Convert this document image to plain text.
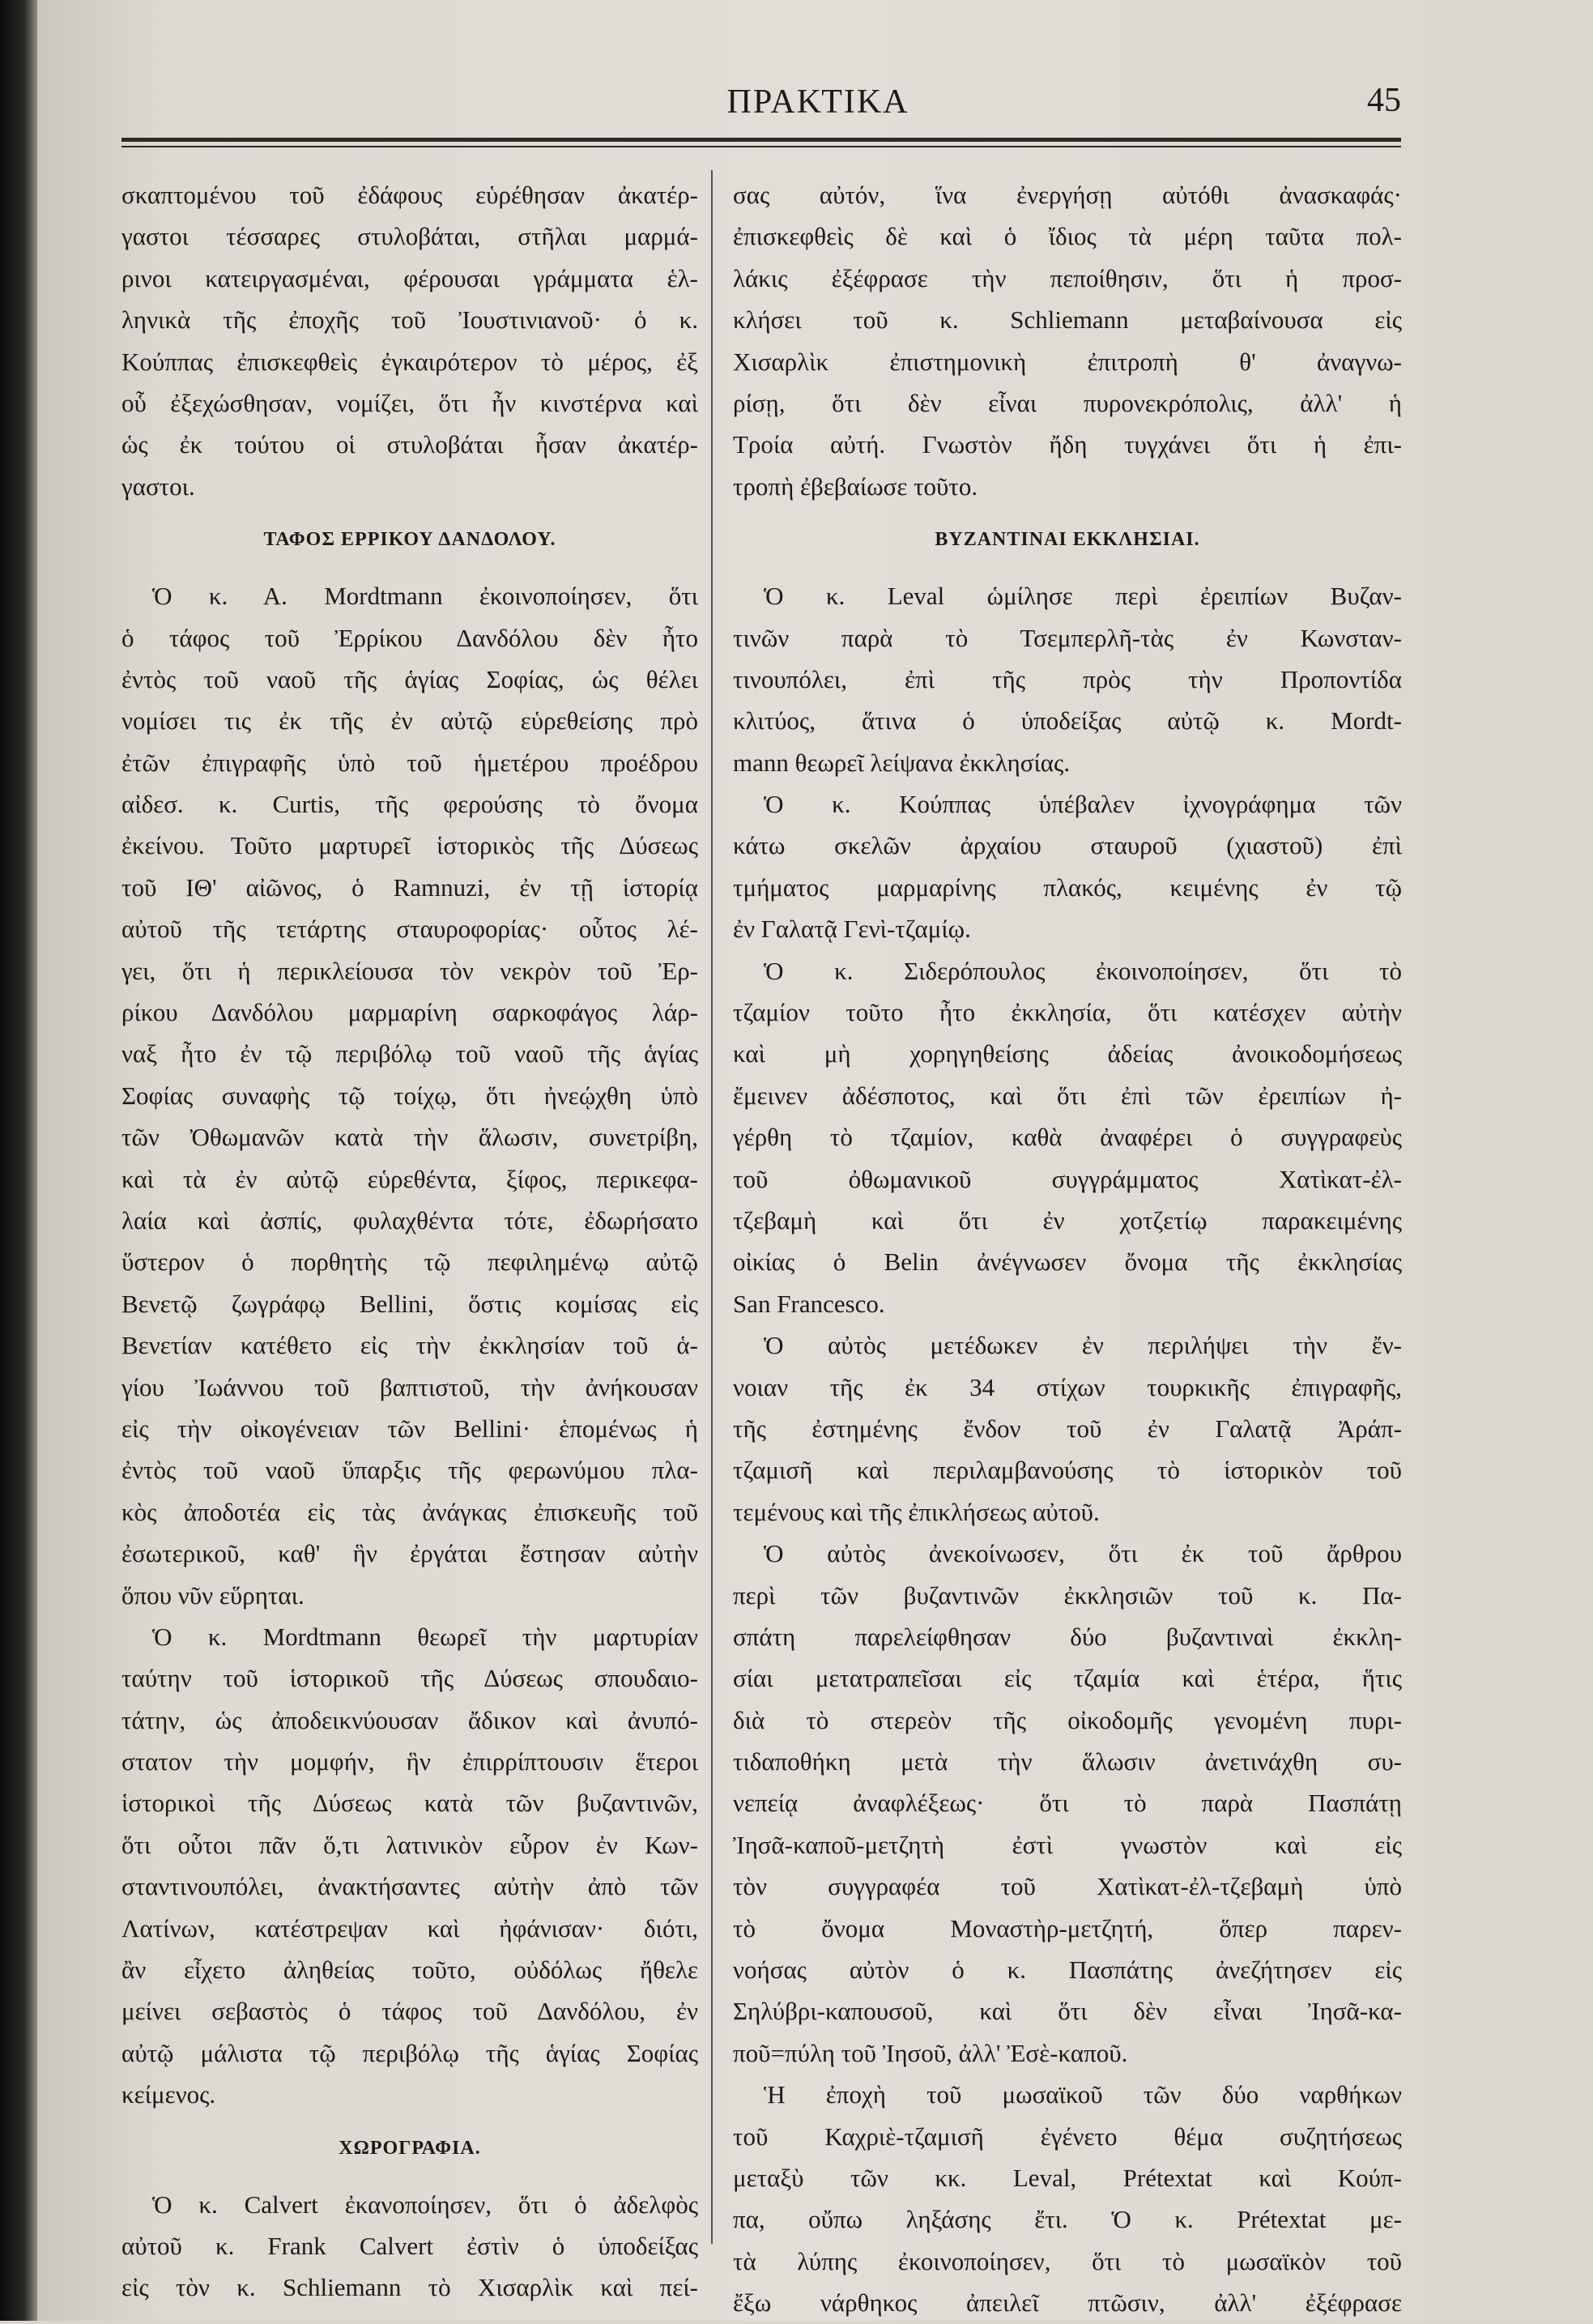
ΠΡΑΚΤΙΚΑ	45
σκαπτομένου τοῦ ἐδάφους εὑρέθησαν ἀκατέρ-
γαστοι τέσσαρες στυλοβάται, στῆλαι μαρμά-
ρινοι κατειργασμέναι, φέρουσαι γράμματα ἑλ-
ληνικὰ τῆς ἐποχῆς τοῦ Ἰουστινιανοῦ· ὁ κ.
Κούππας ἐπισκεφθεὶς ἐγκαιρότερον τὸ μέρος, ἐξ
οὗ ἐξεχώσθησαν, νομίζει, ὅτι ἦν κινστέρνα καὶ
ὡς ἐκ τούτου οἱ στυλοβάται ἦσαν ἀκατέρ-
γαστοι.
ΤΑΦΟΣ ΕΡΡΙΚΟΥ ΔΑΝΔΟΛΟΥ.
Ὁ κ. Α. Mordtmann ἐκοινοποίησεν, ὅτι
ὁ τάφος τοῦ Ἐρρίκου Δανδόλου δὲν ἦτο
ἐντὸς τοῦ ναοῦ τῆς ἁγίας Σοφίας, ὡς θέλει
νομίσει τις ἐκ τῆς ἐν αὐτῷ εὑρεθείσης πρὸ
ἐτῶν ἐπιγραφῆς ὑπὸ τοῦ ἡμετέρου προέδρου
αἰδεσ. κ. Curtis, τῆς φερούσης τὸ ὄνομα
ἐκείνου. Τοῦτο μαρτυρεῖ ἱστορικὸς τῆς Δύσεως
τοῦ ΙΘ' αἰῶνος, ὁ Ramnuzi, ἐν τῇ ἱστορίᾳ
αὐτοῦ τῆς τετάρτης σταυροφορίας· οὗτος λέ-
γει, ὅτι ἡ περικλείουσα τὸν νεκρὸν τοῦ Ἐρ-
ρίκου Δανδόλου μαρμαρίνη σαρκοφάγος λάρ-
ναξ ἦτο ἐν τῷ περιβόλῳ τοῦ ναοῦ τῆς ἁγίας
Σοφίας συναφὴς τῷ τοίχῳ, ὅτι ἠνεῴχθη ὑπὸ
τῶν Ὀθωμανῶν κατὰ τὴν ἅλωσιν, συνετρίβη,
καὶ τὰ ἐν αὐτῷ εὑρεθέντα, ξίφος, περικεφα-
λαία καὶ ἀσπίς, φυλαχθέντα τότε, ἐδωρήσατο
ὕστερον ὁ πορθητὴς τῷ πεφιλημένῳ αὐτῷ
Βενετῷ ζωγράφῳ Bellini, ὅστις κομίσας εἰς
Βενετίαν κατέθετο εἰς τὴν ἐκκλησίαν τοῦ ἁ-
γίου Ἰωάννου τοῦ βαπτιστοῦ, τὴν ἀνήκουσαν
εἰς τὴν οἰκογένειαν τῶν Bellini· ἑπομένως ἡ
ἐντὸς τοῦ ναοῦ ὕπαρξις τῆς φερωνύμου πλα-
κὸς ἀποδοτέα εἰς τὰς ἀνάγκας ἐπισκευῆς τοῦ
ἐσωτερικοῦ, καθ' ἣν ἐργάται ἔστησαν αὐτὴν
ὅπου νῦν εὕρηται.
Ὁ κ. Mordtmann θεωρεῖ τὴν μαρτυρίαν
ταύτην τοῦ ἱστορικοῦ τῆς Δύσεως σπουδαιο-
τάτην, ὡς ἀποδεικνύουσαν ἄδικον καὶ ἀνυπό-
στατον τὴν μομφήν, ἣν ἐπιρρίπτουσιν ἕτεροι
ἱστορικοὶ τῆς Δύσεως κατὰ τῶν βυζαντινῶν,
ὅτι οὗτοι πᾶν ὅ,τι λατινικὸν εὗρον ἐν Κων-
σταντινουπόλει, ἀνακτήσαντες αὐτὴν ἀπὸ τῶν
Λατίνων, κατέστρεψαν καὶ ἠφάνισαν· διότι,
ἂν εἶχετο ἀληθείας τοῦτο, οὐδόλως ἤθελε
μείνει σεβαστὸς ὁ τάφος τοῦ Δανδόλου, ἐν
αὐτῷ μάλιστα τῷ περιβόλῳ τῆς ἁγίας Σοφίας
κείμενος.
ΧΩΡΟΓΡΑΦΙΑ.
Ὁ κ. Calvert ἐκανοποίησεν, ὅτι ὁ ἀδελφὸς
αὐτοῦ κ. Frank Calvert ἐστὶν ὁ ὑποδείξας
εἰς τὸν κ. Schliemann τὸ Χισαρλὶκ καὶ πεί-
σας αὐτόν, ἵνα ἐνεργήσῃ αὐτόθι ἀνασκαφάς·
ἐπισκεφθεὶς δὲ καὶ ὁ ἴδιος τὰ μέρη ταῦτα πολ-
λάκις ἐξέφρασε τὴν πεποίθησιν, ὅτι ἡ προσ-
κλήσει τοῦ κ. Schliemann μεταβαίνουσα εἰς
Χισαρλὶκ ἐπιστημονικὴ ἐπιτροπὴ θ' ἀναγνω-
ρίσῃ, ὅτι δὲν εἶναι πυρονεκρόπολις, ἀλλ' ἡ
Τροία αὐτή. Γνωστὸν ἤδη τυγχάνει ὅτι ἡ ἐπι-
τροπὴ ἐβεβαίωσε τοῦτο.
ΒΥΖΑΝΤΙΝΑΙ ΕΚΚΛΗΣΙΑΙ.
Ὁ κ. Leval ὡμίλησε περὶ ἐρειπίων Βυζαν-
τινῶν παρὰ τὸ Τσεμπερλῆ-τὰς ἐν Κωνσταν-
τινουπόλει, ἐπὶ τῆς πρὸς τὴν Προποντίδα
κλιτύος, ἅτινα ὁ ὑποδείξας αὐτῷ κ. Mordt-
mann θεωρεῖ λείψανα ἐκκλησίας.
Ὁ κ. Κούππας ὑπέβαλεν ἰχνογράφημα τῶν
κάτω σκελῶν ἀρχαίου σταυροῦ (χιαστοῦ) ἐπὶ
τμήματος μαρμαρίνης πλακός, κειμένης ἐν τῷ
ἐν Γαλατᾷ Γενὶ-τζαμίῳ.
Ὁ κ. Σιδερόπουλος ἐκοινοποίησεν, ὅτι τὸ
τζαμίον τοῦτο ἦτο ἐκκλησία, ὅτι κατέσχεν αὐτὴν
καὶ μὴ χορηγηθείσης ἀδείας ἀνοικοδομήσεως
ἔμεινεν ἀδέσποτος, καὶ ὅτι ἐπὶ τῶν ἐρειπίων ἠ-
γέρθη τὸ τζαμίον, καθὰ ἀναφέρει ὁ συγγραφεὺς
τοῦ ὀθωμανικοῦ συγγράμματος Χατὶκατ-ἐλ-
τζεβαμὴ καὶ ὅτι ἐν χοτζετίῳ παρακειμένης
οἰκίας ὁ Belin ἀνέγνωσεν ὄνομα τῆς ἐκκλησίας
San Francesco.
Ὁ αὐτὸς μετέδωκεν ἐν περιλήψει τὴν ἔν-
νοιαν τῆς ἐκ 34 στίχων τουρκικῆς ἐπιγραφῆς,
τῆς ἐστημένης ἔνδον τοῦ ἐν Γαλατᾷ Ἀράπ-
τζαμισῆ καὶ περιλαμβανούσης τὸ ἱστορικὸν τοῦ
τεμένους καὶ τῆς ἐπικλήσεως αὐτοῦ.
Ὁ αὐτὸς ἀνεκοίνωσεν, ὅτι ἐκ τοῦ ἄρθρου
περὶ τῶν βυζαντινῶν ἐκκλησιῶν τοῦ κ. Πα-
σπάτη παρελείφθησαν δύο βυζαντιναὶ ἐκκλη-
σίαι μετατραπεῖσαι εἰς τζαμία καὶ ἑτέρα, ἥτις
διὰ τὸ στερεὸν τῆς οἰκοδομῆς γενομένη πυρι-
τιδαποθήκη μετὰ τὴν ἅλωσιν ἀνετινάχθη συ-
νεπείᾳ ἀναφλέξεως· ὅτι τὸ παρὰ Πασπάτῃ
Ἰησᾶ-καποῦ-μετζητὴ ἐστὶ γνωστὸν καὶ εἰς
τὸν συγγραφέα τοῦ Χατὶκατ-ἐλ-τζεβαμὴ ὑπὸ
τὸ ὄνομα Μοναστὴρ-μετζητή, ὅπερ παρεν-
νοήσας αὐτὸν ὁ κ. Πασπάτης ἀνεζήτησεν εἰς
Σηλύβρι-καπουσοῦ, καὶ ὅτι δὲν εἶναι Ἰησᾶ-κα-
ποῦ=πύλη τοῦ Ἰησοῦ, ἀλλ' Ἐσὲ-καποῦ.
Ἡ ἐποχὴ τοῦ μωσαϊκοῦ τῶν δύο ναρθήκων
τοῦ Καχριὲ-τζαμισῆ ἐγένετο θέμα συζητήσεως
μεταξὺ τῶν κκ. Leval, Prétextat καὶ Κούπ-
πα, οὔπω ληξάσης ἔτι. Ὁ κ. Prétextat με-
τὰ λύπης ἐκοινοποίησεν, ὅτι τὸ μωσαϊκὸν τοῦ
ἔξω νάρθηκος ἀπειλεῖ πτῶσιν, ἀλλ' ἐξέφρασε
